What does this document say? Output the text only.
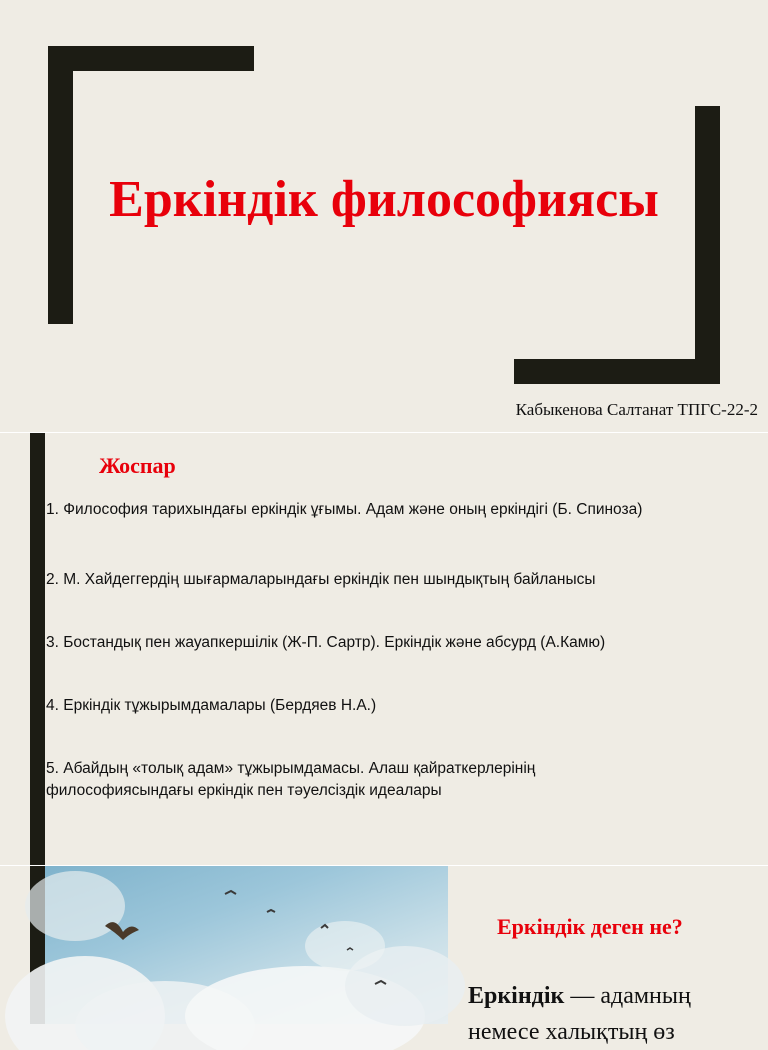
Еркіндік философиясы
Кабыкенова Салтанат ТПГС-22-2
Жоспар
1. Философия тарихындағы еркіндік ұғымы. Адам және оның еркіндігі (Б. Спиноза)
2. М. Хайдеггердің шығармаларындағы еркіндік пен шындықтың байланысы
3. Бостандық пен жауапкершілік (Ж-П. Сартр). Еркіндік және абсурд (А.Камю)
4. Еркіндік тұжырымдамалары (Бердяев Н.А.)
5. Абайдың «толық адам» тұжырымдамасы. Алаш қайраткерлерінің философиясындағы еркіндік пен тәуелсіздік идеалары
Еркіндік деген не?
Еркіндік — адамның
немесе халықтың өз
